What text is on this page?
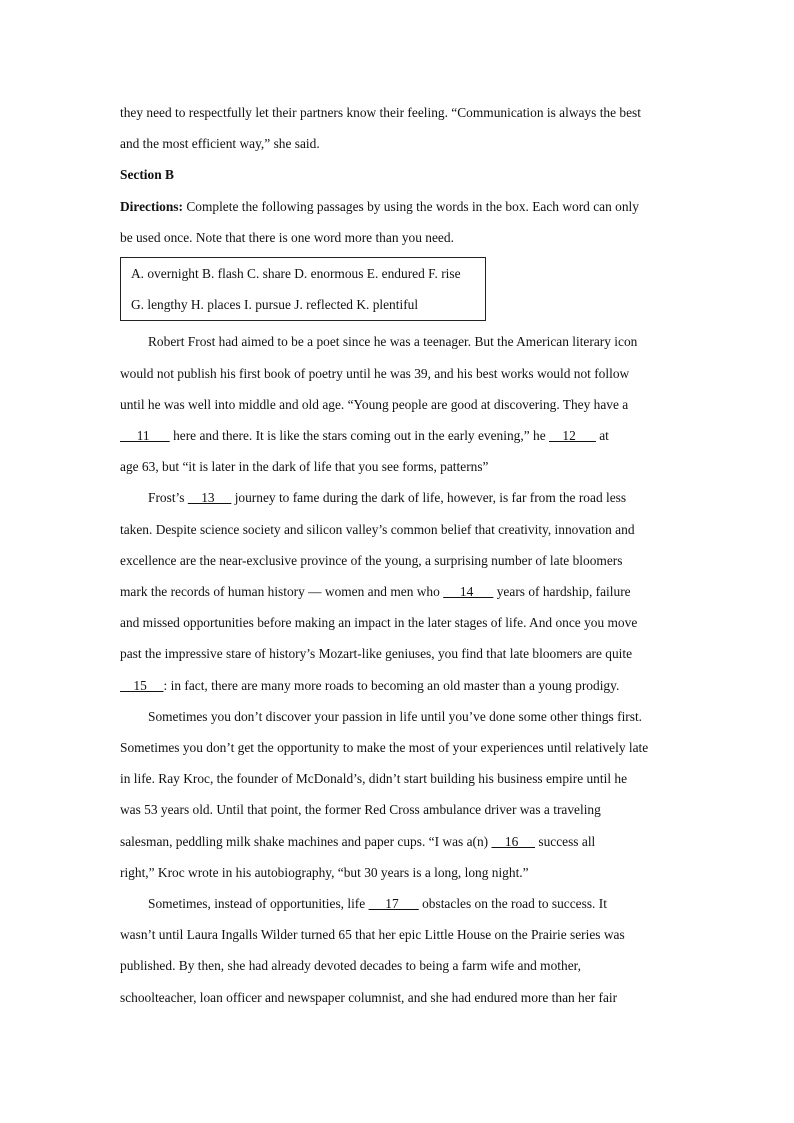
they need to respectfully let their partners know their feeling. “Communication is always the best
and the most efficient way,” she said.
Section B
Directions: Complete the following passages by using the words in the box. Each word can only
be used once. Note that there is one word more than you need.
A. overnight B. flash C. share D. enormous E. endured F. rise
G. lengthy H. places I. pursue J. reflected K. plentiful
Robert Frost had aimed to be a poet since he was a teenager. But the American literary icon
would not publish his first book of poetry until he was 39, and his best works would not follow
until he was well into middle and old age. “Young people are good at discovering. They have a
11       here and there. It is like the stars coming out in the early evening,” he     12       at
age 63, but “it is later in the dark of life that you see forms, patterns”
Frost’s     13      journey to fame during the dark of life, however, is far from the road less
taken. Despite science society and silicon valley’s common belief that creativity, innovation and
excellence are the near-exclusive province of the young, a surprising number of late bloomers
mark the records of human history — women and men who      14       years of hardship, failure
and missed opportunities before making an impact in the later stages of life. And once you move
past the impressive stare of history’s Mozart-like geniuses, you find that late bloomers are quite
15     : in fact, there are many more roads to becoming an old master than a young prodigy.
Sometimes you don’t discover your passion in life until you’ve done some other things first.
Sometimes you don’t get the opportunity to make the most of your experiences until relatively late
in life. Ray Kroc, the founder of McDonald’s, didn’t start building his business empire until he
was 53 years old. Until that point, the former Red Cross ambulance driver was a traveling
salesman, peddling milk shake machines and paper cups. “I was a(n)     16      success all
right,” Kroc wrote in his autobiography, “but 30 years is a long, long night.”
Sometimes, instead of opportunities, life      17       obstacles on the road to success. It
wasn’t until Laura Ingalls Wilder turned 65 that her epic Little House on the Prairie series was
published. By then, she had already devoted decades to being a farm wife and mother,
schoolteacher, loan officer and newspaper columnist, and she had endured more than her fair
